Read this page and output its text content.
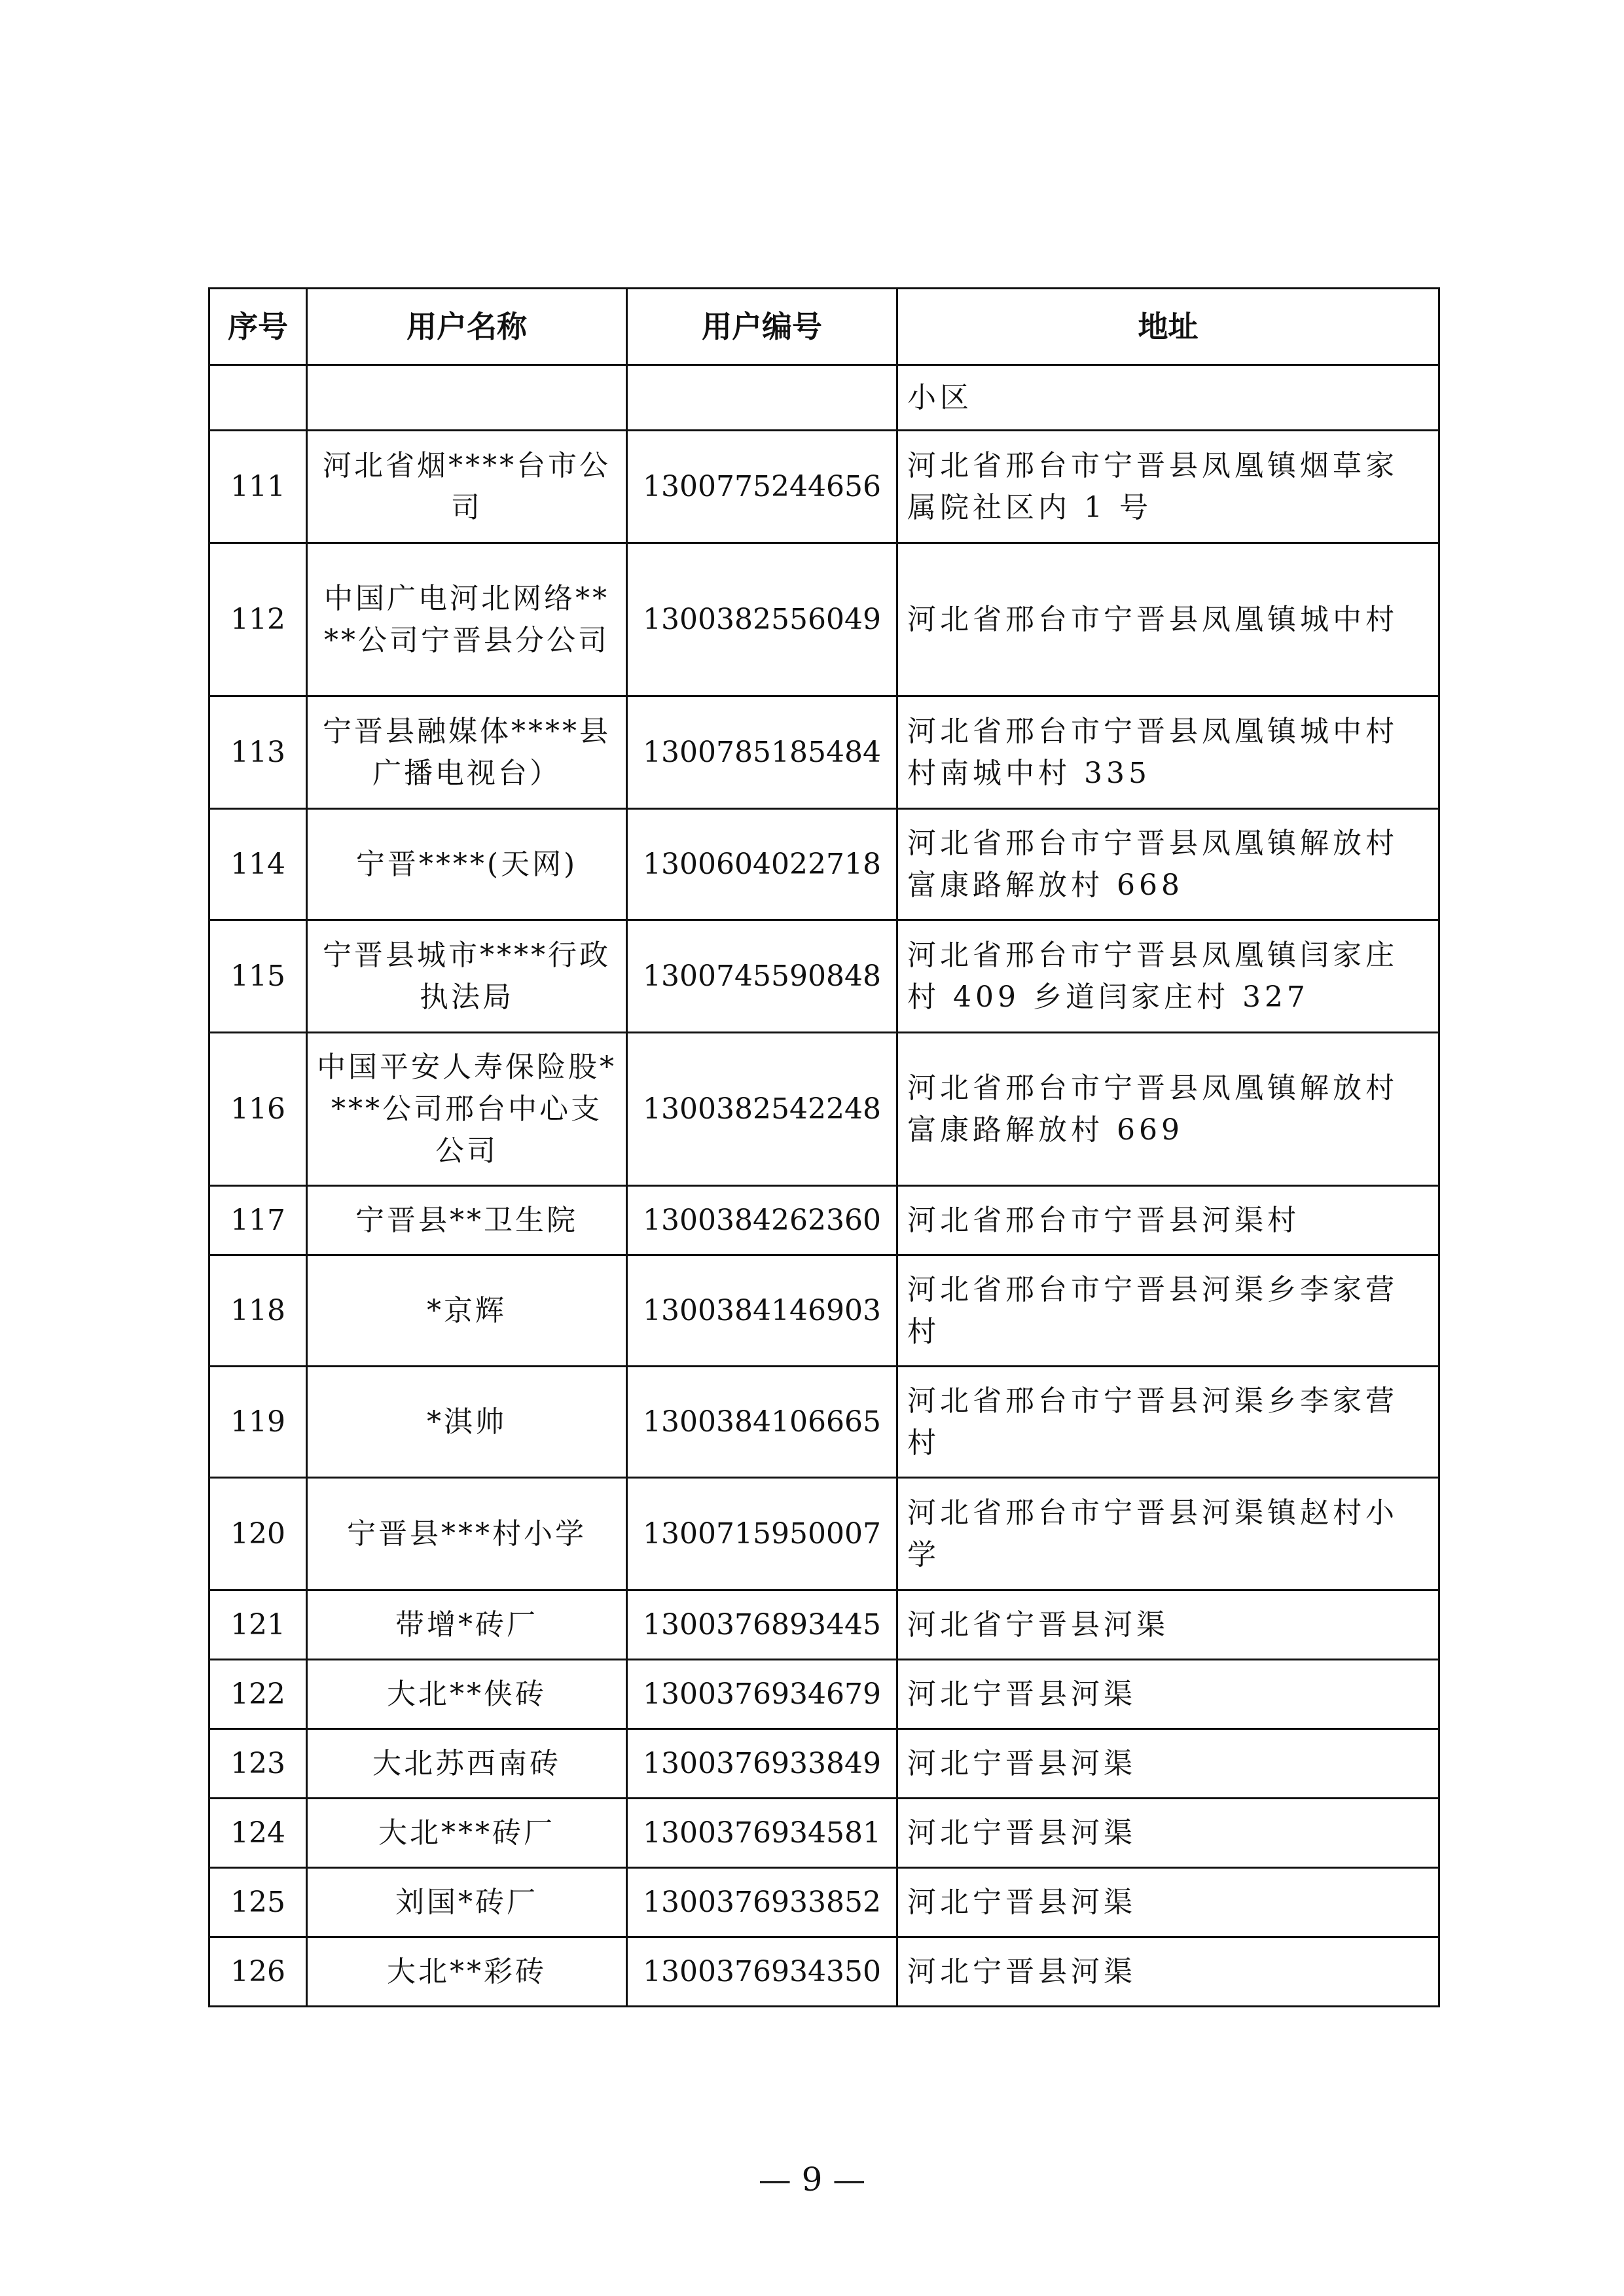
序号	用户名称	用户编号	地址
			小区
111	河北省烟****台市公司	1300775244656	河北省邢台市宁晋县凤凰镇烟草家属院社区内 1 号
112	中国广电河北网络****公司宁晋县分公司	1300382556049	河北省邢台市宁晋县凤凰镇城中村
113	宁晋县融媒体****县广播电视台）	1300785185484	河北省邢台市宁晋县凤凰镇城中村村南城中村 335
114	宁晋****(天网)	1300604022718	河北省邢台市宁晋县凤凰镇解放村富康路解放村 668
115	宁晋县城市****行政执法局	1300745590848	河北省邢台市宁晋县凤凰镇闫家庄村 409 乡道闫家庄村 327
116	中国平安人寿保险股****公司邢台中心支公司	1300382542248	河北省邢台市宁晋县凤凰镇解放村富康路解放村 669
117	宁晋县**卫生院	1300384262360	河北省邢台市宁晋县河渠村
118	*京辉	1300384146903	河北省邢台市宁晋县河渠乡李家营村
119	*淇帅	1300384106665	河北省邢台市宁晋县河渠乡李家营村
120	宁晋县***村小学	1300715950007	河北省邢台市宁晋县河渠镇赵村小学
121	带增*砖厂	1300376893445	河北省宁晋县河渠
122	大北**侠砖	1300376934679	河北宁晋县河渠
123	大北苏西南砖	1300376933849	河北宁晋县河渠
124	大北***砖厂	1300376934581	河北宁晋县河渠
125	刘国*砖厂	1300376933852	河北宁晋县河渠
126	大北**彩砖	1300376934350	河北宁晋县河渠
— 9 —
